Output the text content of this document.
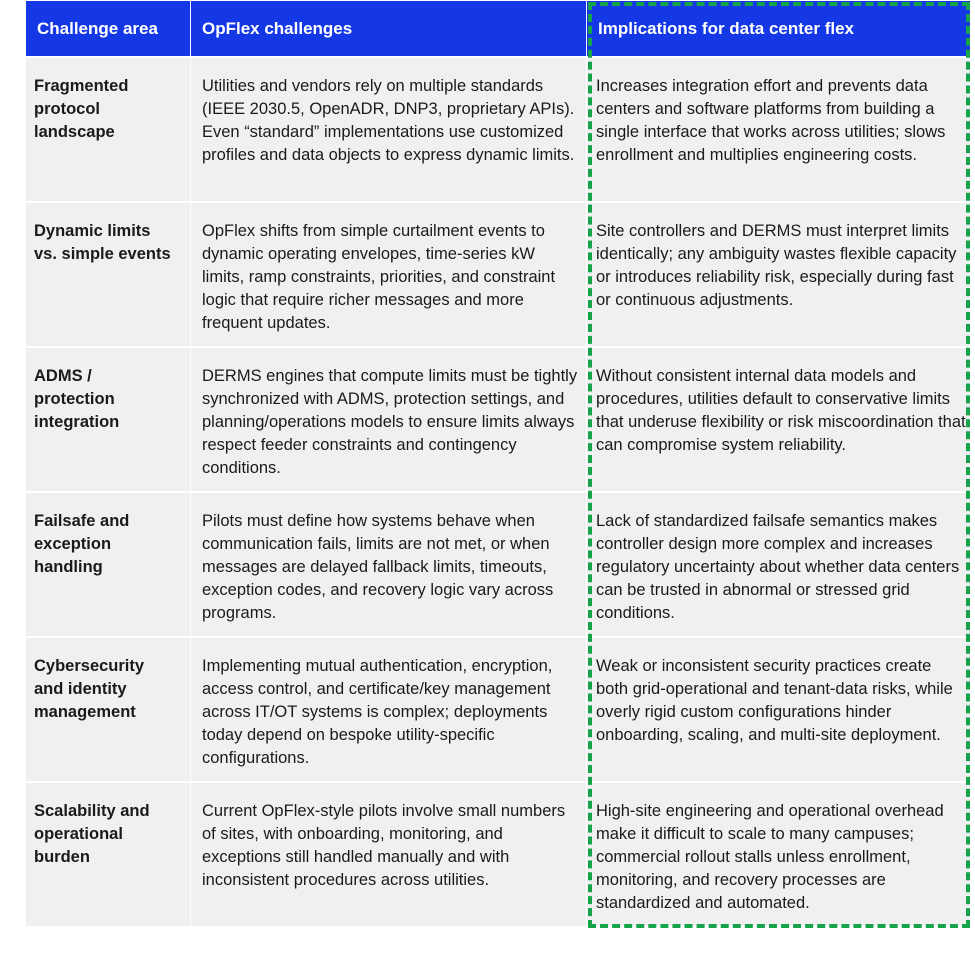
Challenge area	OpFlex challenges	Implications for data center flex
Fragmented protocol landscape
Utilities and vendors rely on multiple standards (IEEE 2030.5, OpenADR, DNP3, proprietary APIs). Even “standard” implementations use customized profiles and data objects to express dynamic limits.
Increases integration effort and prevents data centers and software platforms from building a single interface that works across utilities; slows enrollment and multiplies engineering costs.
Dynamic limits vs. simple events
OpFlex shifts from simple curtailment events to dynamic operating envelopes, time-series kW limits, ramp constraints, priorities, and constraint logic that require richer messages and more frequent updates.
Site controllers and DERMS must interpret limits identically; any ambiguity wastes flexible capacity or introduces reliability risk, especially during fast or continuous adjustments.
ADMS / protection integration
DERMS engines that compute limits must be tightly synchronized with ADMS, protection settings, and planning/operations models to ensure limits always respect feeder constraints and contingency conditions.
Without consistent internal data models and procedures, utilities default to conservative limits that underuse flexibility or risk miscoordination that can compromise system reliability.
Failsafe and exception handling
Pilots must define how systems behave when communication fails, limits are not met, or when messages are delayed fallback limits, timeouts, exception codes, and recovery logic vary across programs.
Lack of standardized failsafe semantics makes controller design more complex and increases regulatory uncertainty about whether data centers can be trusted in abnormal or stressed grid conditions.
Cybersecurity and identity management
Implementing mutual authentication, encryption, access control, and certificate/key management across IT/OT systems is complex; deployments today depend on bespoke utility-specific configurations.
Weak or inconsistent security practices create both grid-operational and tenant-data risks, while overly rigid custom configurations hinder onboarding, scaling, and multi-site deployment.
Scalability and operational burden
Current OpFlex-style pilots involve small numbers of sites, with onboarding, monitoring, and exceptions still handled manually and with inconsistent procedures across utilities.
High-site engineering and operational overhead make it difficult to scale to many campuses; commercial rollout stalls unless enrollment, monitoring, and recovery processes are standardized and automated.
